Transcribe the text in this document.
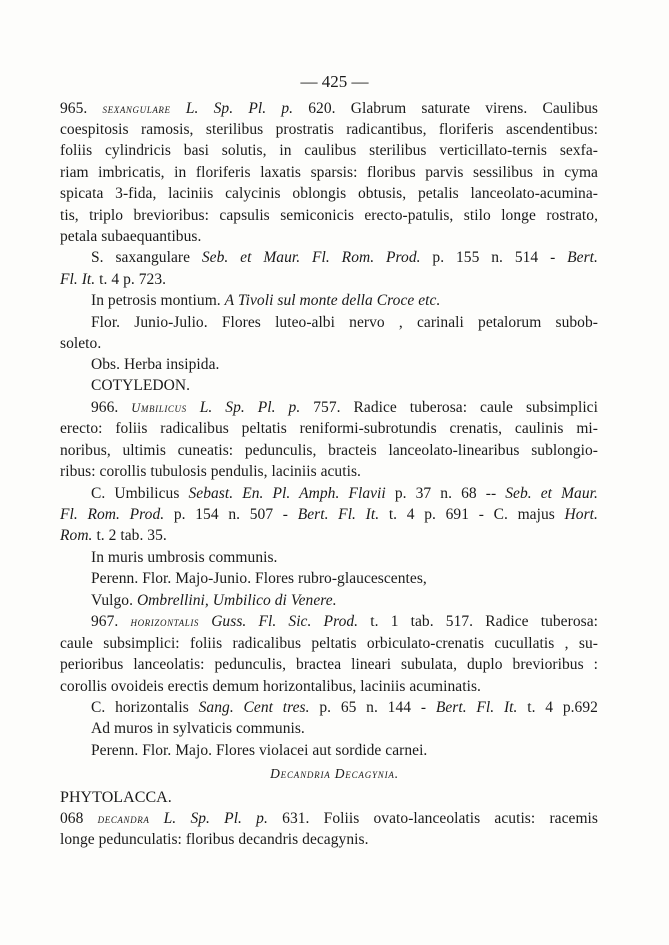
— 425 —
965. sexangulare L. Sp. Pl. p. 620. Glabrum saturate virens. Caulibus
coespitosis ramosis, sterilibus prostratis radicantibus, floriferis ascendentibus:
foliis cylindricis basi solutis, in caulibus sterilibus verticillato-ternis sexfa-
riam imbricatis, in floriferis laxatis sparsis: floribus parvis sessilibus in cyma
spicata 3-fida, laciniis calycinis oblongis obtusis, petalis lanceolato-acumina-
tis, triplo brevioribus: capsulis semiconicis erecto-patulis, stilo longe rostrato,
petala subaequantibus.
S. saxangulare Seb. et Maur. Fl. Rom. Prod. p. 155 n. 514 - Bert.
Fl. It. t. 4 p. 723.
In petrosis montium. A Tivoli sul monte della Croce etc.
Flor. Junio-Julio. Flores luteo-albi nervo , carinali petalorum subob-
soleto.
Obs. Herba insipida.
COTYLEDON.
966. Umbilicus L. Sp. Pl. p. 757. Radice tuberosa: caule subsimplici
erecto: foliis radicalibus peltatis reniformi-subrotundis crenatis, caulinis mi-
noribus, ultimis cuneatis: pedunculis, bracteis lanceolato-linearibus sublongio-
ribus: corollis tubulosis pendulis, laciniis acutis.
C. Umbilicus Sebast. En. Pl. Amph. Flavii p. 37 n. 68 -- Seb. et Maur.
Fl. Rom. Prod. p. 154 n. 507 - Bert. Fl. It. t. 4 p. 691 - C. majus Hort.
Rom. t. 2 tab. 35.
In muris umbrosis communis.
Perenn. Flor. Majo-Junio. Flores rubro-glaucescentes,
Vulgo. Ombrellini, Umbilico di Venere.
967. horizontalis Guss. Fl. Sic. Prod. t. 1 tab. 517. Radice tuberosa:
caule subsimplici: foliis radicalibus peltatis orbiculato-crenatis cucullatis , su-
perioribus lanceolatis: pedunculis, bractea lineari subulata, duplo brevioribus :
corollis ovoideis erectis demum horizontalibus, laciniis acuminatis.
C. horizontalis Sang. Cent tres. p. 65 n. 144 - Bert. Fl. It. t. 4 p.692
Ad muros in sylvaticis communis.
Perenn. Flor. Majo. Flores violacei aut sordide carnei.
Decandria Decagynia.
PHYTOLACCA.
068 decandra L. Sp. Pl. p. 631. Foliis ovato-lanceolatis acutis: racemis
longe pedunculatis: floribus decandris decagynis.
